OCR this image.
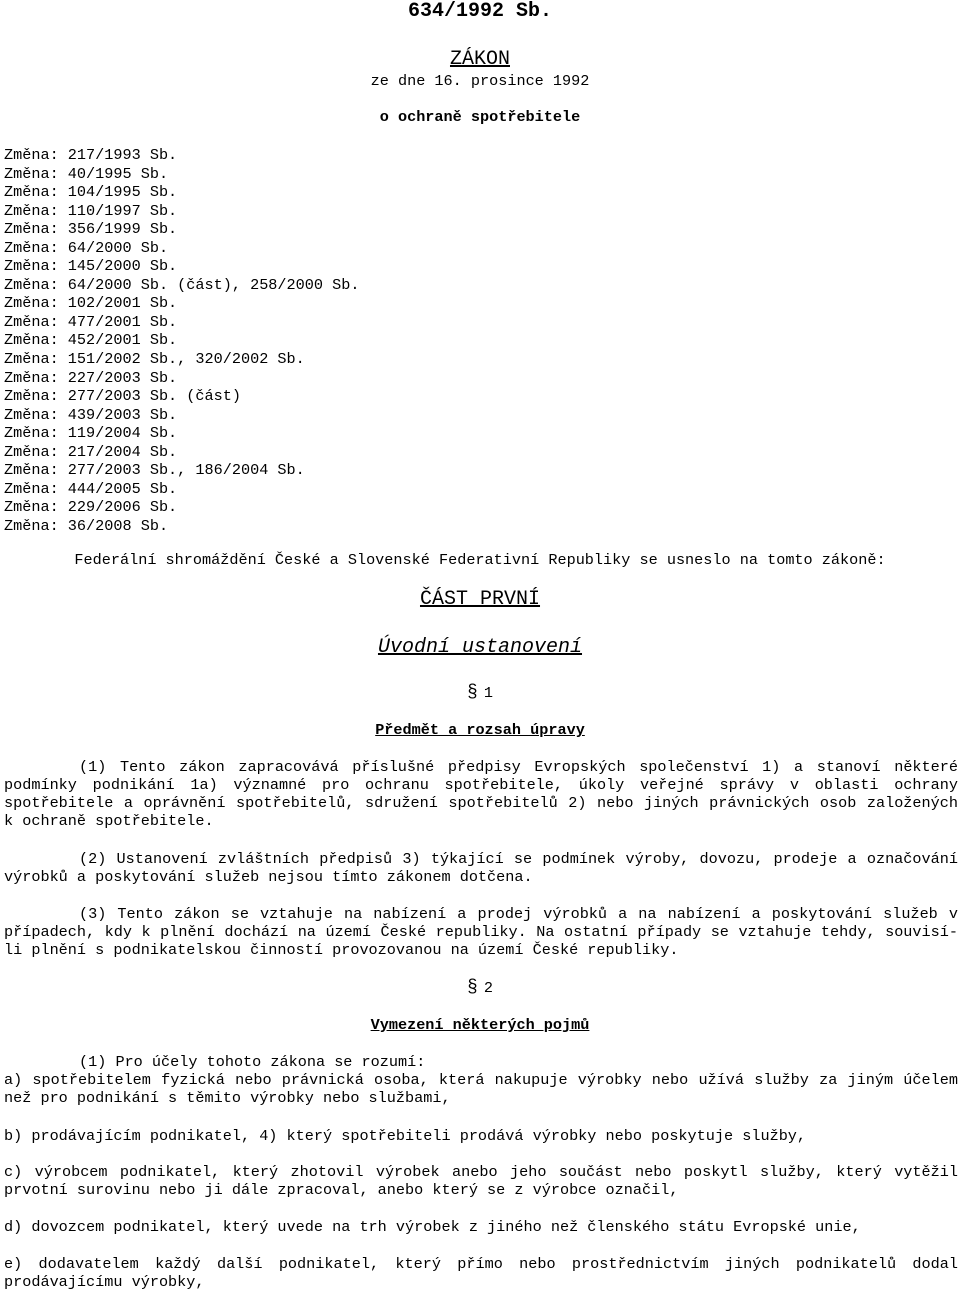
634/1992 Sb.
ZÁKON
ze dne 16. prosince 1992
o ochraně spotřebitele
Změna: 217/1993 Sb.
Změna: 40/1995 Sb.
Změna: 104/1995 Sb.
Změna: 110/1997 Sb.
Změna: 356/1999 Sb.
Změna: 64/2000 Sb.
Změna: 145/2000 Sb.
Změna: 64/2000 Sb. (část), 258/2000 Sb.
Změna: 102/2001 Sb.
Změna: 477/2001 Sb.
Změna: 452/2001 Sb.
Změna: 151/2002 Sb., 320/2002 Sb.
Změna: 227/2003 Sb.
Změna: 277/2003 Sb. (část)
Změna: 439/2003 Sb.
Změna: 119/2004 Sb.
Změna: 217/2004 Sb.
Změna: 277/2003 Sb., 186/2004 Sb.
Změna: 444/2005 Sb.
Změna: 229/2006 Sb.
Změna: 36/2008 Sb.
Federální shromáždění České a Slovenské Federativní Republiky se usneslo na tomto zákoně:
ČÁST PRVNÍ
Úvodní ustanovení
§ 1
Předmět a rozsah úpravy
(1) Tento zákon zapracovává příslušné předpisy Evropských společenství 1) a stanoví některé podmínky podnikání 1a) významné pro ochranu spotřebitele, úkoly veřejné správy v oblasti ochrany spotřebitele a oprávnění spotřebitelů, sdružení spotřebitelů 2) nebo jiných právnických osob založených k ochraně spotřebitele.
(2) Ustanovení zvláštních předpisů 3) týkající se podmínek výroby, dovozu, prodeje a označování výrobků a poskytování služeb nejsou tímto zákonem dotčena.
(3) Tento zákon se vztahuje na nabízení a prodej výrobků a na nabízení a poskytování služeb v případech, kdy k plnění dochází na území České republiky. Na ostatní případy se vztahuje tehdy, souvisí-li plnění s podnikatelskou činností provozovanou na území České republiky.
§ 2
Vymezení některých pojmů
(1) Pro účely tohoto zákona se rozumí:
a) spotřebitelem fyzická nebo právnická osoba, která nakupuje výrobky nebo užívá služby za jiným účelem než pro podnikání s těmito výrobky nebo službami,
b) prodávajícím podnikatel, 4) který spotřebiteli prodává výrobky nebo poskytuje služby,
c) výrobcem podnikatel, který zhotovil výrobek anebo jeho součást nebo poskytl služby, který vytěžil prvotní surovinu nebo ji dále zpracoval, anebo který se z výrobce označil,
d) dovozcem podnikatel, který uvede na trh výrobek z jiného než členského státu Evropské unie,
e) dodavatelem každý další podnikatel, který přímo nebo prostřednictvím jiných podnikatelů dodal prodávajícímu výrobky,
